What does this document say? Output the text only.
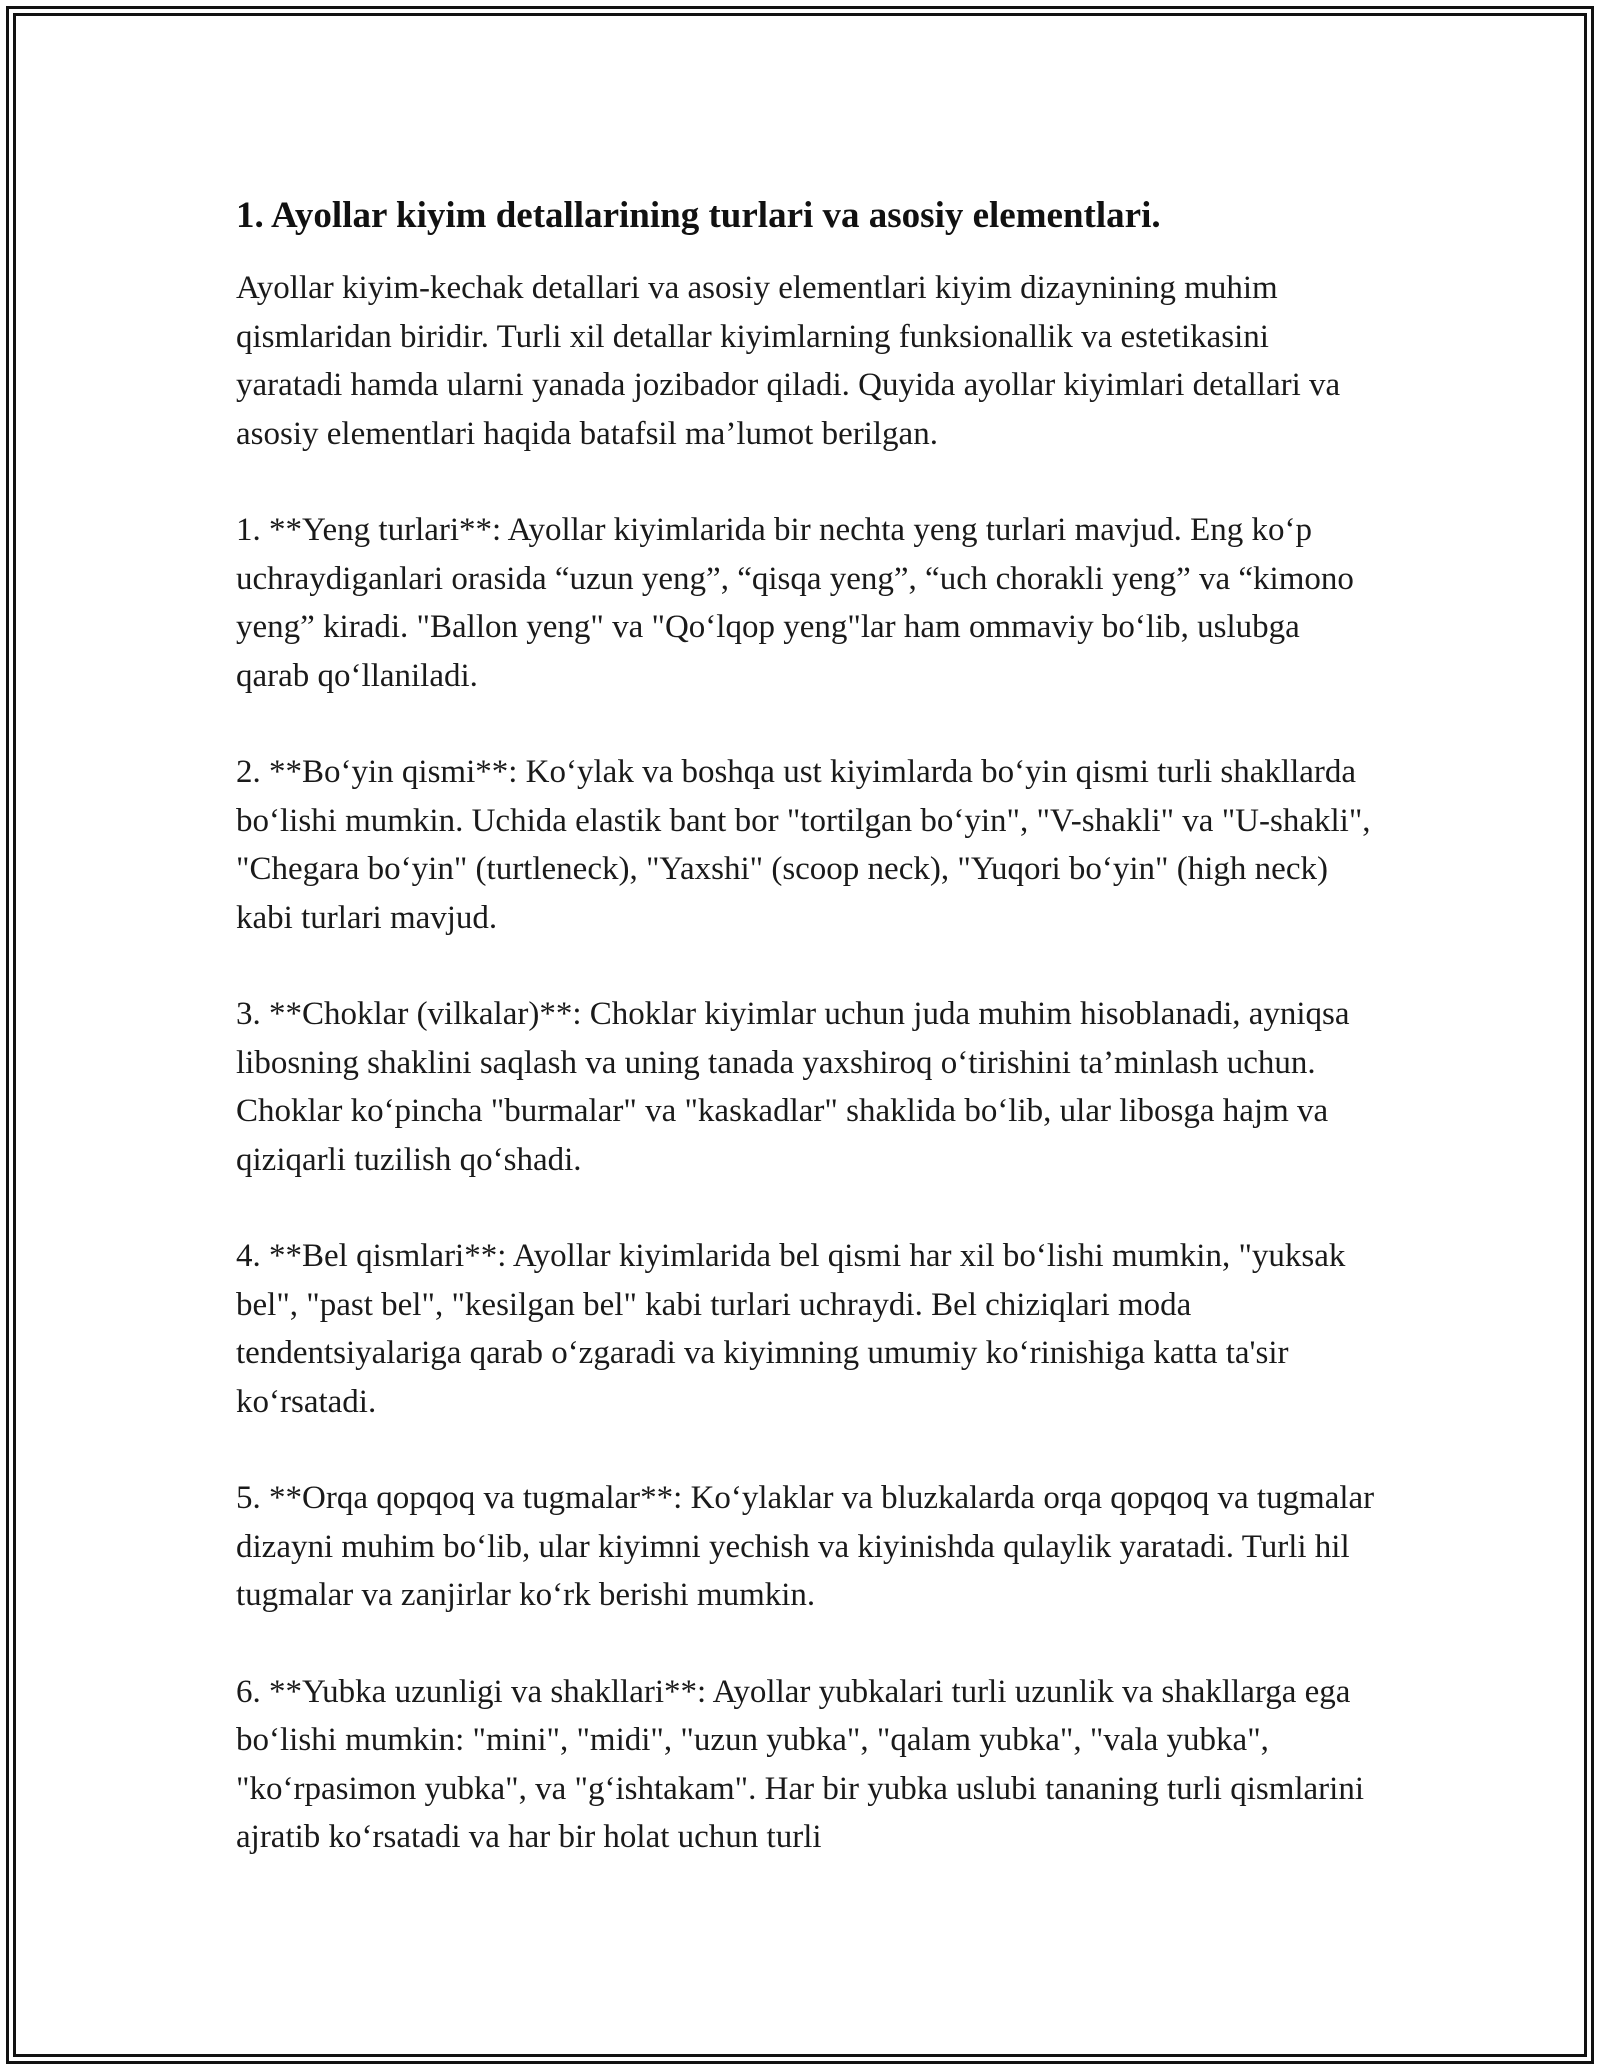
1. Ayollar kiyim detallarining turlari va asosiy elementlari.

Ayollar kiyim-kechak detallari va asosiy elementlari kiyim dizaynining muhim qismlaridan biridir. Turli xil detallar kiyimlarning funksionallik va estetikasini yaratadi hamda ularni yanada jozibador qiladi. Quyida ayollar kiyimlari detallari va asosiy elementlari haqida batafsil ma’lumot berilgan.

1. **Yeng turlari**: Ayollar kiyimlarida bir nechta yeng turlari mavjud. Eng ko‘p uchraydiganlari orasida “uzun yeng”, “qisqa yeng”, “uch chorakli yeng” va “kimono yeng” kiradi. "Ballon yeng" va "Qo‘lqop yeng"lar ham ommaviy bo‘lib, uslubga qarab qo‘llaniladi.

2. **Bo‘yin qismi**: Ko‘ylak va boshqa ust kiyimlarda bo‘yin qismi turli shakllarda bo‘lishi mumkin. Uchida elastik bant bor "tortilgan bo‘yin", "V-shakli" va "U-shakli", "Chegara bo‘yin" (turtleneck), "Yaxshi" (scoop neck), "Yuqori bo‘yin" (high neck) kabi turlari mavjud.

3. **Choklar (vilkalar)**: Choklar kiyimlar uchun juda muhim hisoblanadi, ayniqsa libosning shaklini saqlash va uning tanada yaxshiroq o‘tirishini ta’minlash uchun. Choklar ko‘pincha "burmalar" va "kaskadlar" shaklida bo‘lib, ular libosga hajm va qiziqarli tuzilish qo‘shadi.

4. **Bel qismlari**: Ayollar kiyimlarida bel qismi har xil bo‘lishi mumkin, "yuksak bel", "past bel", "kesilgan bel" kabi turlari uchraydi. Bel chiziqlari moda tendentsiyalariga qarab o‘zgaradi va kiyimning umumiy ko‘rinishiga katta ta'sir ko‘rsatadi.

5. **Orqa qopqoq va tugmalar**: Ko‘ylaklar va bluzkalarda orqa qopqoq va tugmalar dizayni muhim bo‘lib, ular kiyimni yechish va kiyinishda qulaylik yaratadi. Turli hil tugmalar va zanjirlar ko‘rk berishi mumkin.

6. **Yubka uzunligi va shakllari**: Ayollar yubkalari turli uzunlik va shakllarga ega bo‘lishi mumkin: "mini", "midi", "uzun yubka", "qalam yubka", "vala yubka", "ko‘rpasimon yubka", va "g‘ishtakam". Har bir yubka uslubi tananing turli qismlarini ajratib ko‘rsatadi va har bir holat uchun turli
